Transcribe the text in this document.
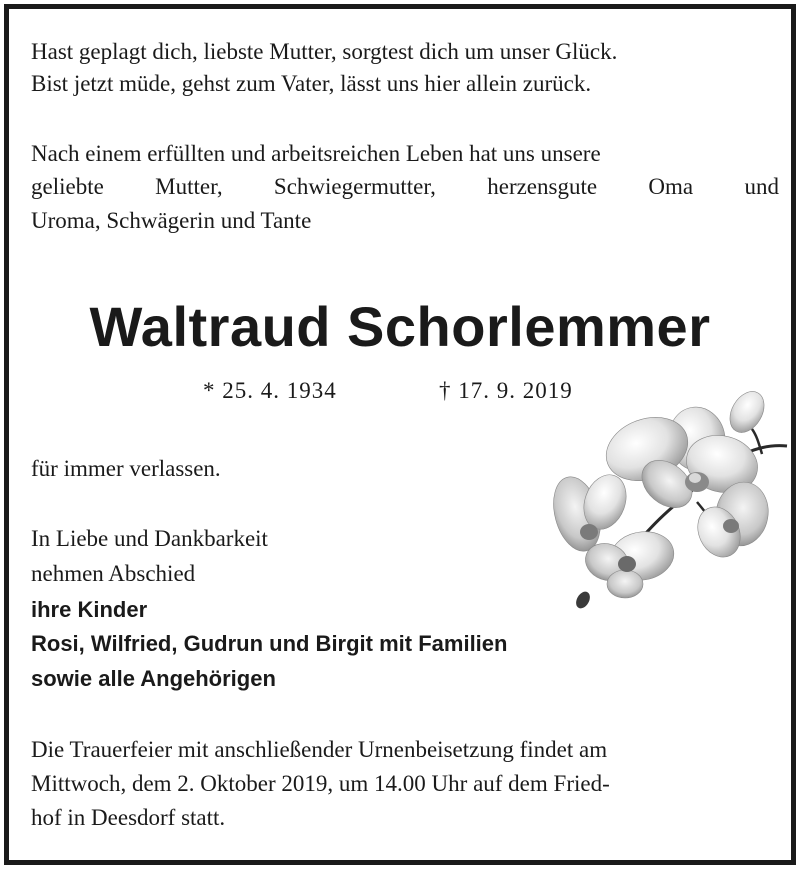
Hast geplagt dich, liebste Mutter, sorgtest dich um unser Glück.
Bist jetzt müde, gehst zum Vater, lässt uns hier allein zurück.
Nach einem erfüllten und arbeitsreichen Leben hat uns unsere
geliebte Mutter, Schwiegermutter, herzensgute Oma und
Uroma, Schwägerin und Tante
Waltraud Schorlemmer
* 25. 4. 1934	† 17. 9. 2019
für immer verlassen.
In Liebe und Dankbarkeit
nehmen Abschied
ihre Kinder
Rosi, Wilfried, Gudrun und Birgit mit Familien
sowie alle Angehörigen
Die Trauerfeier mit anschließender Urnenbeisetzung findet am
Mittwoch, dem 2. Oktober 2019, um 14.00 Uhr auf dem Fried-
hof in Deesdorf statt.
